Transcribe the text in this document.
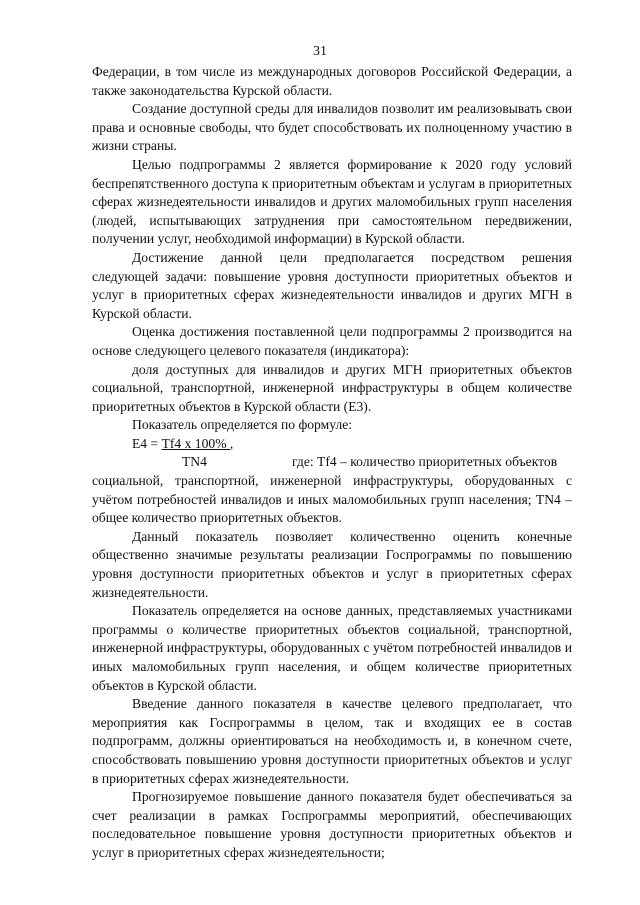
31

Федерации, в том числе из международных договоров Российской Федерации, а также законодательства Курской области.

Создание доступной среды для инвалидов позволит им реализовывать свои права и основные свободы, что будет способствовать их полноценному участию в жизни страны.

Целью подпрограммы 2 является формирование к 2020 году условий беспрепятственного доступа к приоритетным объектам и услугам в приоритетных сферах жизнедеятельности инвалидов и других маломобильных групп населения (людей, испытывающих затруднения при самостоятельном передвижении, получении услуг, необходимой информации) в Курской области.

Достижение данной цели предполагается посредством решения следующей задачи: повышение уровня доступности приоритетных объектов и услуг в приоритетных сферах жизнедеятельности инвалидов и других МГН в Курской области.

Оценка достижения поставленной цели подпрограммы 2 производится на основе следующего целевого показателя (индикатора):

доля доступных для инвалидов и других МГН приоритетных объектов социальной, транспортной, инженерной инфраструктуры в общем количестве приоритетных объектов в Курской области (Е3).

Показатель определяется по формуле:

Е4 = Tf4 x 100% ,

TN4	где: Tf4 – количество приоритетных объектов

социальной, транспортной, инженерной инфраструктуры, оборудованных с учётом потребностей инвалидов и иных маломобильных групп населения; TN4 – общее количество приоритетных объектов.

Данный показатель позволяет количественно оценить конечные общественно значимые результаты реализации Госпрограммы по повышению уровня доступности приоритетных объектов и услуг в приоритетных сферах жизнедеятельности.

Показатель определяется на основе данных, представляемых участниками программы о количестве приоритетных объектов социальной, транспортной, инженерной инфраструктуры, оборудованных с учётом потребностей инвалидов и иных маломобильных групп населения, и общем количестве приоритетных объектов в Курской области.

Введение данного показателя в качестве целевого предполагает, что мероприятия как Госпрограммы в целом, так и входящих ее в состав подпрограмм, должны ориентироваться на необходимость и, в конечном счете, способствовать повышению уровня доступности приоритетных объектов и услуг в приоритетных сферах жизнедеятельности.

Прогнозируемое повышение данного показателя будет обеспечиваться за счет реализации в рамках Госпрограммы мероприятий, обеспечивающих последовательное повышение уровня доступности приоритетных объектов и услуг в приоритетных сферах жизнедеятельности;
